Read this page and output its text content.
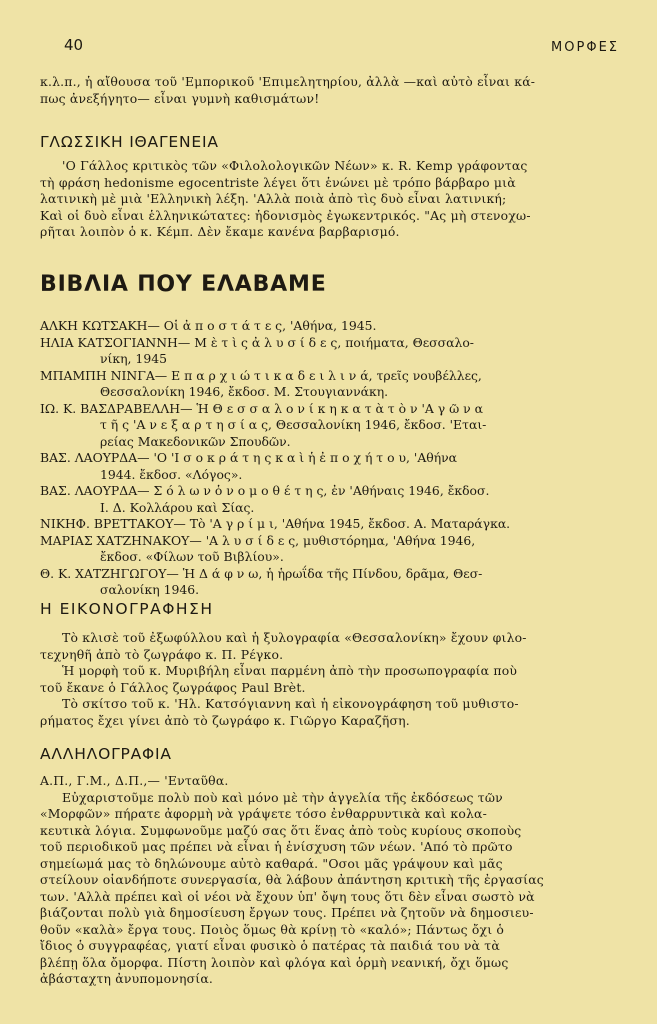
40	ΜΟΡΦΕΣ

κ.λ.π., ἡ αἴθουσα τοῦ 'Εμπορικοῦ 'Επιμελητηρίου, ἀλλὰ —καὶ αὐτὸ εἶναι κά-

πως ἀνεξήγητο— εἶναι γυμνὴ καθισμάτων!

ΓΛΩΣΣΙΚΗ ΙΘΑΓΕΝΕΙΑ

'Ο Γάλλος κριτικὸς τῶν «Φιλολολογικῶν Νέων» κ. R. Kemp γράφοντας

τὴ φράση hedonisme egocentriste λέγει ὅτι ἑνώνει μὲ τρόπο βάρβαρο μιὰ

λατινικὴ μὲ μιὰ 'Ελληνικὴ λέξη. 'Αλλὰ ποιὰ ἀπὸ τὶς δυὸ εἶναι λατινική;

Καὶ οἱ δυὸ εἶναι ἑλληνικώτατες: ἡδονισμὸς ἐγωκεντρικός. "Ας μὴ στενοχω-

ρῆται λοιπὸν ὁ κ. Κέμπ. Δὲν ἔκαμε κανένα βαρβαρισμό.

ΒΙΒΛΙΑ ΠΟΥ ΕΛΑΒΑΜΕ

ΑΛΚΗ ΚΩΤΣΑΚΗ— Οἱ ἀ π ο σ τ ά τ ε ς, 'Αθήνα, 1945.

ΗΛΙΑ ΚΑΤΣΟΓΙΑΝΝΗ— Μ ὲ τ ὶ ς ἀ λ υ σ ί δ ε ς, ποιήματα, Θεσσαλο-
νίκη, 1945

ΜΠΑΜΠΗ ΝΙΝΓΑ— Ε π α ρ χ ι ώ τ ι κ α δ ε ι λ ι ν ά, τρεῖς νουβέλλες,
Θεσσαλονίκη 1946, ἔκδοσ. Μ. Στουγιαννάκη.

ΙΩ. Κ. ΒΑΣΔΡΑΒΕΛΛΗ— Ἡ Θ ε σ σ α λ ο ν ί κ η κ α τ ὰ τ ὸ ν 'Α γ ῶ ν α
τ ῆ ς 'Α ν ε ξ α ρ τ η σ ί α ς, Θεσσαλονίκη 1946, ἔκδοσ. 'Εται-
ρείας Μακεδονικῶν Σπουδῶν.

ΒΑΣ. ΛΑΟΥΡΔΑ— 'Ο 'Ι σ ο κ ρ ά τ η ς κ α ὶ ἡ ἐ π ο χ ή τ ο υ, 'Αθήνα
1944. ἔκδοσ. «Λόγος».

ΒΑΣ. ΛΑΟΥΡΔΑ— Σ ό λ ω ν ὁ ν ο μ ο θ έ τ η ς, ἐν 'Αθήναις 1946, ἔκδοσ.
Ι. Δ. Κολλάρου καὶ Σίας.

ΝΙΚΗΦ. ΒΡΕΤΤΑΚΟΥ— Τὸ 'Α γ ρ ί μ ι, 'Αθήνα 1945, ἔκδοσ. Α. Ματαράγκα.

ΜΑΡΙΑΣ ΧΑΤΖΗΝΑΚΟΥ— 'Α λ υ σ ί δ ε ς, μυθιστόρημα, 'Αθήνα 1946,
ἔκδοσ. «Φίλων τοῦ Βιβλίου».

Θ. Κ. ΧΑΤΖΗΓΩΓΟΥ— Ἡ Δ ά φ ν ω, ἡ ἡρωΐδα τῆς Πίνδου, δρᾶμα, Θεσ-
σαλονίκη 1946.

Η ΕΙΚΟΝΟΓΡΑΦΗΣΗ

Τὸ κλισὲ τοῦ ἐξωφύλλου καὶ ἡ ξυλογραφία «Θεσσαλονίκη» ἔχουν φιλο-

τεχνηθῆ ἀπὸ τὸ ζωγράφο κ. Π. Ρέγκο.

Ἡ μορφὴ τοῦ κ. Μυριβήλη εἶναι παρμένη ἀπὸ τὴν προσωπογραφία ποὺ

τοῦ ἔκανε ὁ Γάλλος ζωγράφος Paul Brèt.

Τὸ σκίτσο τοῦ κ. 'Ηλ. Κατσόγιαννη καὶ ἡ εἰκονογράφηση τοῦ μυθιστο-

ρήματος ἔχει γίνει ἀπὸ τὸ ζωγράφο κ. Γιῶργο Καραζῆση.

ΑΛΛΗΛΟΓΡΑΦΙΑ

Α.Π., Γ.Μ., Δ.Π.,— 'Ενταῦθα.

Εὐχαριστοῦμε πολὺ ποὺ καὶ μόνο μὲ τὴν ἀγγελία τῆς ἐκδόσεως τῶν

«Μορφῶν» πήρατε ἀφορμὴ νὰ γράψετε τόσο ἐνθαρρυντικὰ καὶ κολα-

κευτικὰ λόγια. Συμφωνοῦμε μαζύ σας ὅτι ἕνας ἀπὸ τοὺς κυρίους σκοποὺς

τοῦ περιοδικοῦ μας πρέπει νὰ εἶναι ἡ ἐνίσχυση τῶν νέων. 'Από τὸ πρῶτο

σημείωμά μας τὸ δηλώνουμε αὐτὸ καθαρά. "Οσοι μᾶς γράψουν καὶ μᾶς

στείλουν οἱανδήποτε συνεργασία, θὰ λάβουν ἀπάντηση κριτικὴ τῆς ἐργασίας

των. 'Αλλὰ πρέπει καὶ οἱ νέοι νὰ ἔχουν ὑπ' ὄψη τους ὅτι δὲν εἶναι σωστὸ νὰ

βιάζονται πολὺ γιὰ δημοσίευση ἔργων τους. Πρέπει νὰ ζητοῦν νὰ δημοσιευ-

θοῦν «καλὰ» ἔργα τους. Ποιὸς ὅμως θὰ κρίνῃ τὸ «καλό»; Πάντως ὄχι ὁ

ἴδιος ὁ συγγραφέας, γιατί εἶναι φυσικὸ ὁ πατέρας τὰ παιδιά του νὰ τὰ

βλέπῃ ὅλα ὄμορφα. Πίστη λοιπὸν καὶ φλόγα καὶ ὁρμὴ νεανική, ὄχι ὅμως

ἀβάσταχτη ἀνυπομονησία.
